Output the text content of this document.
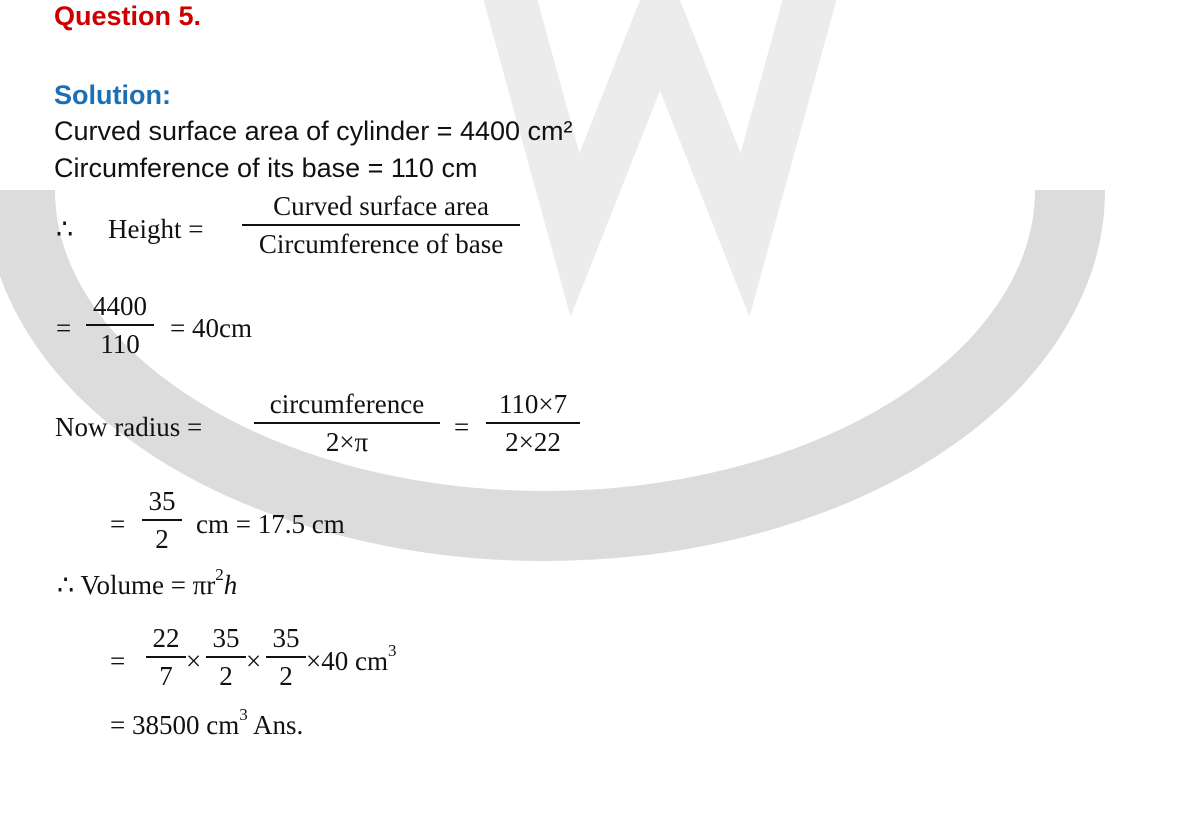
Question 5.
Solution:
Curved surface area of cylinder = 4400 cm²
Circumference of its base = 110 cm
∴ Height =
Curved surface area
Circumference of base
=
4400
110
= 40cm
Now radius =
circumference
2×π	=
110×7
2×22
=
35
2	cm = 17.5 cm
∴ Volume = $\pi r^2h$
=
22
7 ×
35
2 ×
35
2 ×40 $cm^3$
= 38500 $cm^3$ Ans.
